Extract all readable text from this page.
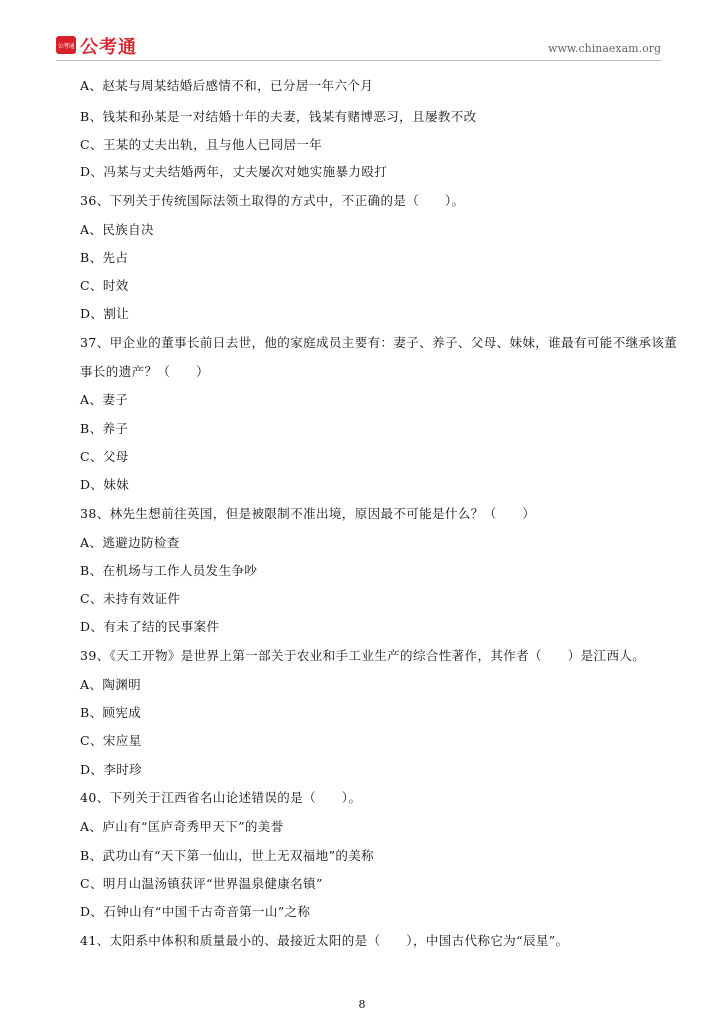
公考通 公考通	www.chinaexam.org
A、赵某与周某结婚后感情不和，已分居一年六个月
B、钱某和孙某是一对结婚十年的夫妻，钱某有赌博恶习，且屡教不改
C、王某的丈夫出轨，且与他人已同居一年
D、冯某与丈夫结婚两年，丈夫屡次对她实施暴力殴打
36、下列关于传统国际法领土取得的方式中，不正确的是（　　）。
A、民族自决
B、先占
C、时效
D、割让
37、甲企业的董事长前日去世，他的家庭成员主要有：妻子、养子、父母、妹妹，谁最有可能不继承该董
事长的遗产？（　　）
A、妻子
B、养子
C、父母
D、妹妹
38、林先生想前往英国，但是被限制不准出境，原因最不可能是什么？（　　）
A、逃避边防检查
B、在机场与工作人员发生争吵
C、未持有效证件
D、有未了结的民事案件
39、《天工开物》是世界上第一部关于农业和手工业生产的综合性著作，其作者（　　）是江西人。
A、陶渊明
B、顾宪成
C、宋应星
D、李时珍
40、下列关于江西省名山论述错误的是（　　）。
A、庐山有“匡庐奇秀甲天下”的美誉
B、武功山有“天下第一仙山，世上无双福地”的美称
C、明月山温汤镇获评“世界温泉健康名镇”
D、石钟山有“中国千古奇音第一山”之称
41、太阳系中体积和质量最小的、最接近太阳的是（　　），中国古代称它为“辰星”。
8
